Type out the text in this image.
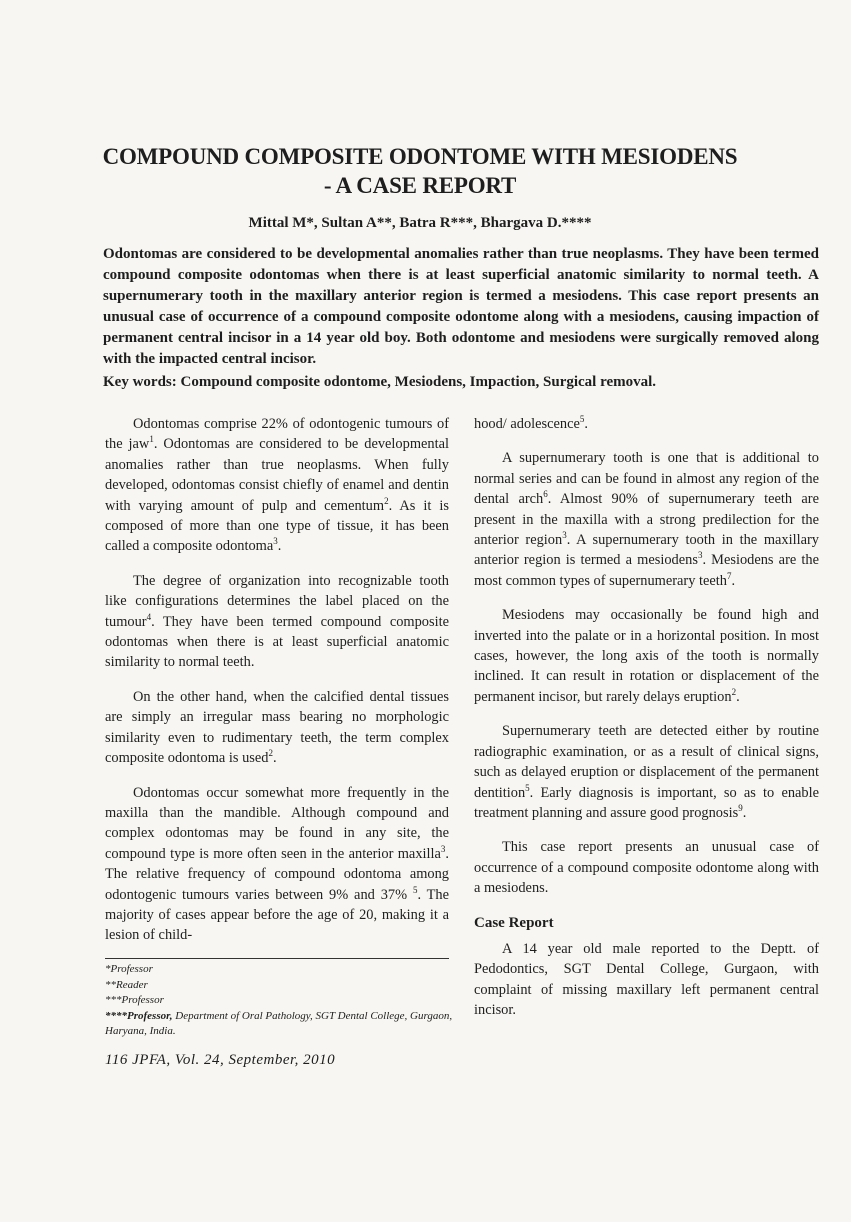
COMPOUND COMPOSITE ODONTOME WITH MESIODENS - A CASE REPORT
Mittal M*, Sultan A**, Batra R***, Bhargava D.****
Odontomas are considered to be developmental anomalies rather than true neoplasms. They have been termed compound composite odontomas when there is at least superficial anatomic similarity to normal teeth. A supernumerary tooth in the maxillary anterior region is termed a mesiodens. This case report presents an unusual case of occurrence of a compound composite odontome along with a mesiodens, causing impaction of permanent central incisor in a 14 year old boy. Both odontome and mesiodens were surgically removed along with the impacted central incisor.
Key words: Compound composite odontome, Mesiodens, Impaction, Surgical removal.

Odontomas comprise 22% of odontogenic tumours of the jaw$^1$. Odontomas are considered to be developmental anomalies rather than true neoplasms. When fully developed, odontomas consist chiefly of enamel and dentin with varying amount of pulp and cementum$^2$. As it is composed of more than one type of tissue, it has been called a composite odontoma$^3$.

The degree of organization into recognizable tooth like configurations determines the label placed on the tumour$^4$. They have been termed compound composite odontomas when there is at least superficial anatomic similarity to normal teeth.

On the other hand, when the calcified dental tissues are simply an irregular mass bearing no morphologic similarity even to rudimentary teeth, the term complex composite odontoma is used$^2$.

Odontomas occur somewhat more frequently in the maxilla than the mandible. Although compound and complex odontomas may be found in any site, the compound type is more often seen in the anterior maxilla$^3$. The relative frequency of compound odontoma among odontogenic tumours varies between 9% and 37% $^5$. The majority of cases appear before the age of 20, making it a lesion of child-

hood/ adolescence$^5$.

A supernumerary tooth is one that is additional to normal series and can be found in almost any region of the dental arch$^6$. Almost 90% of supernumerary teeth are present in the maxilla with a strong predilection for the anterior region$^3$. A supernumerary tooth in the maxillary anterior region is termed a mesiodens$^3$. Mesiodens are the most common types of supernumerary teeth$^7$.

Mesiodens may occasionally be found high and inverted into the palate or in a horizontal position. In most cases, however, the long axis of the tooth is normally inclined. It can result in rotation or displacement of the permanent incisor, but rarely delays eruption$^2$.

Supernumerary teeth are detected either by routine radiographic examination, or as a result of clinical signs, such as delayed eruption or displacement of the permanent dentition$^5$. Early diagnosis is important, so as to enable treatment planning and assure good prognosis$^9$.

This case report presents an unusual case of occurrence of a compound composite odontome along with a mesiodens.

Case Report

A 14 year old male reported to the Deptt. of Pedodontics, SGT Dental College, Gurgaon, with complaint of missing maxillary left permanent central incisor.

*Professor
**Reader
***Professor
****Professor, Department of Oral Pathology, SGT Dental College, Gurgaon, Haryana, India.
116 JPFA, Vol. 24, September, 2010
